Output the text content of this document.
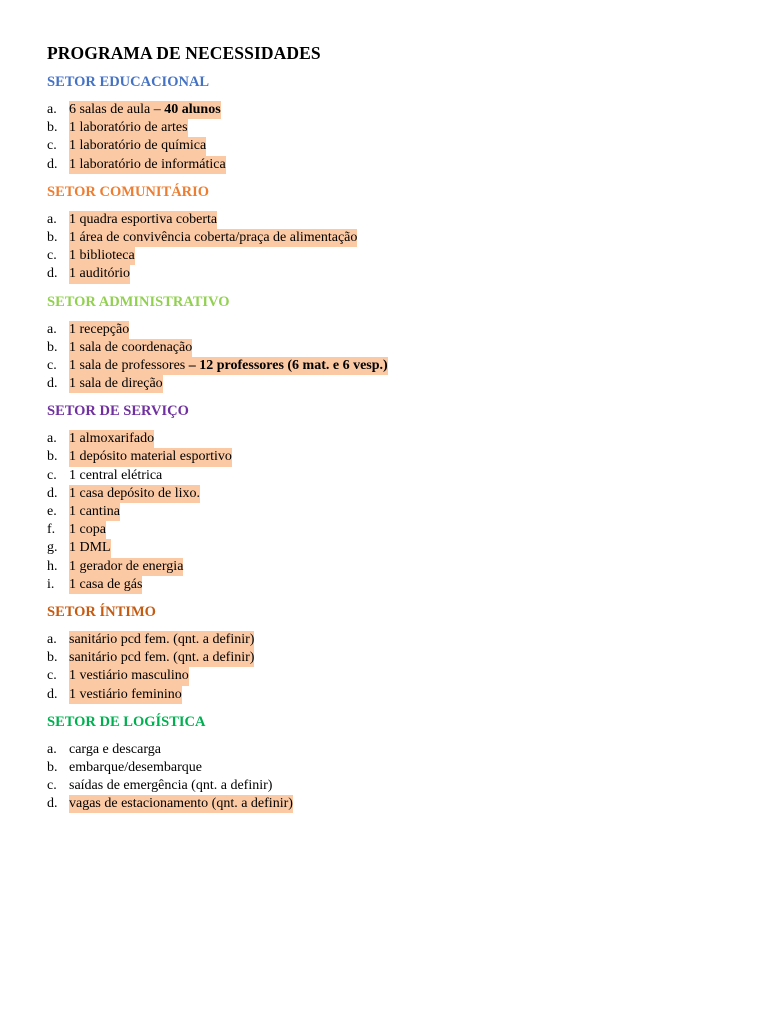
PROGRAMA DE NECESSIDADES
SETOR EDUCACIONAL
a. 6 salas de aula – 40 alunos
b. 1 laboratório de artes
c. 1 laboratório de química
d. 1 laboratório de informática
SETOR COMUNITÁRIO
a. 1 quadra esportiva coberta
b. 1 área de convivência coberta/praça de alimentação
c. 1 biblioteca
d. 1 auditório
SETOR ADMINISTRATIVO
a. 1 recepção
b. 1 sala de coordenação
c. 1 sala de professores – 12 professores (6 mat. e 6 vesp.)
d. 1 sala de direção
SETOR DE SERVIÇO
a. 1 almoxarifado
b. 1 depósito material esportivo
c. 1 central elétrica
d. 1 casa depósito de lixo.
e. 1 cantina
f. 1 copa
g. 1 DML
h. 1 gerador de energia
i.	1 casa de gás
SETOR ÍNTIMO
a. sanitário pcd fem. (qnt. a definir)
b. sanitário pcd fem. (qnt. a definir)
c. 1 vestiário masculino
d. 1 vestiário feminino
SETOR DE LOGÍSTICA
a. carga e descarga
b. embarque/desembarque
c. saídas de emergência (qnt. a definir)
d. vagas de estacionamento (qnt. a definir)
